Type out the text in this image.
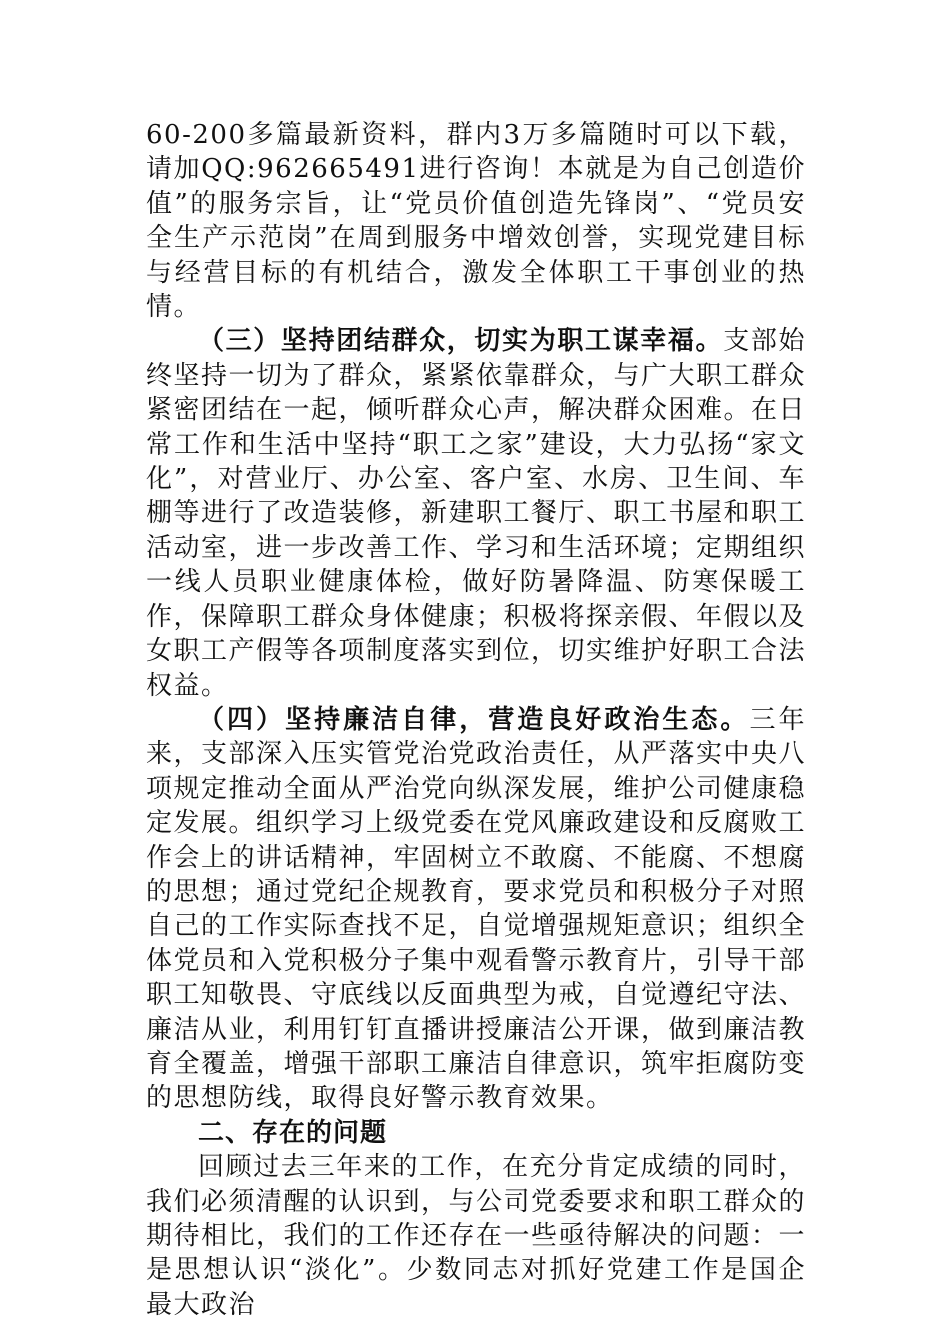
60-200多篇最新资料，群内3万多篇随时可以下载，请加QQ:962665491进行咨询！本就是为自己创造价值”的服务宗旨，让“党员价值创造先锋岗”、“党员安全生产示范岗”在周到服务中增效创誉，实现党建目标与经营目标的有机结合，激发全体职工干事创业的热情。

（三）坚持团结群众，切实为职工谋幸福。支部始终坚持一切为了群众，紧紧依靠群众，与广大职工群众紧密团结在一起，倾听群众心声，解决群众困难。在日常工作和生活中坚持“职工之家”建设，大力弘扬“家文化”，对营业厅、办公室、客户室、水房、卫生间、车棚等进行了改造装修，新建职工餐厅、职工书屋和职工活动室，进一步改善工作、学习和生活环境；定期组织一线人员职业健康体检，做好防暑降温、防寒保暖工作，保障职工群众身体健康；积极将探亲假、年假以及女职工产假等各项制度落实到位，切实维护好职工合法权益。

（四）坚持廉洁自律，营造良好政治生态。三年来，支部深入压实管党治党政治责任，从严落实中央八项规定推动全面从严治党向纵深发展，维护公司健康稳定发展。组织学习上级党委在党风廉政建设和反腐败工作会上的讲话精神，牢固树立不敢腐、不能腐、不想腐的思想；通过党纪企规教育，要求党员和积极分子对照自己的工作实际查找不足，自觉增强规矩意识；组织全体党员和入党积极分子集中观看警示教育片，引导干部职工知敬畏、守底线以反面典型为戒，自觉遵纪守法、廉洁从业，利用钉钉直播讲授廉洁公开课，做到廉洁教育全覆盖，增强干部职工廉洁自律意识，筑牢拒腐防变的思想防线，取得良好警示教育效果。

二、存在的问题

回顾过去三年来的工作，在充分肯定成绩的同时，我们必须清醒的认识到，与公司党委要求和职工群众的期待相比，我们的工作还存在一些亟待解决的问题：一是思想认识“淡化”。少数同志对抓好党建工作是国企最大政治
